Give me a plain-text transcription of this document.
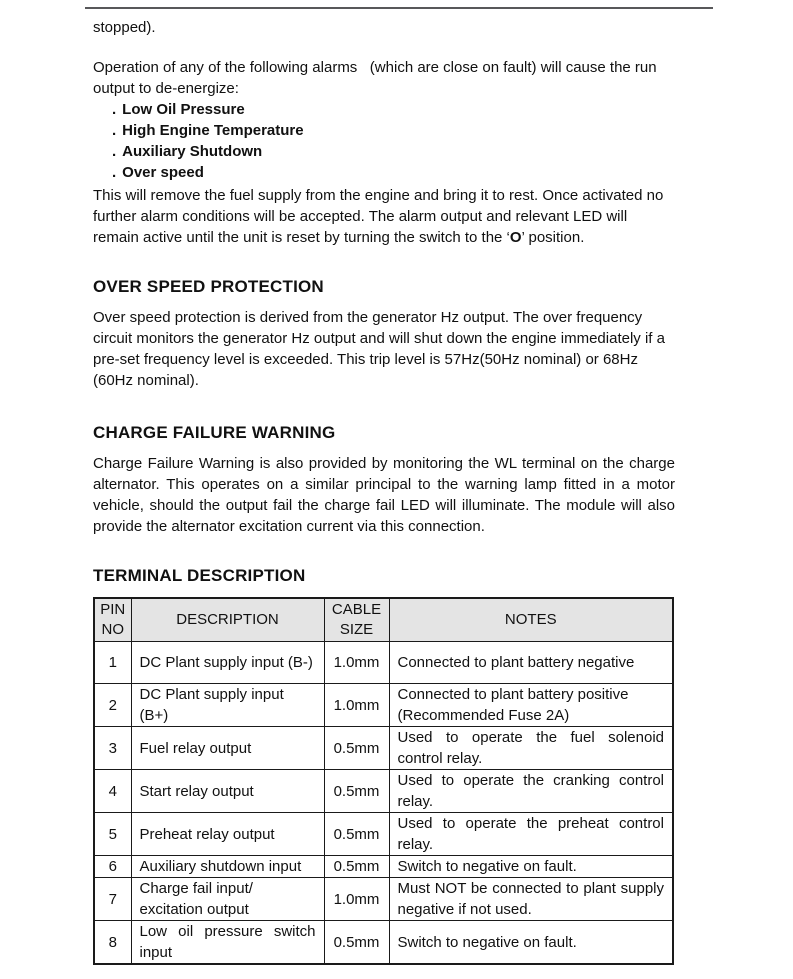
stopped).

Operation of any of the following alarms   (which are close on fault) will cause the run output to de-energize:

. Low Oil Pressure
. High Engine Temperature
. Auxiliary Shutdown
. Over speed

This will remove the fuel supply from the engine and bring it to rest. Once activated no further alarm conditions will be accepted. The alarm output and relevant LED will remain active until the unit is reset by turning the switch to the ‘O’ position.

OVER SPEED PROTECTION

Over speed protection is derived from the generator Hz output. The over frequency circuit monitors the generator Hz output and will shut down the engine immediately if a pre-set frequency level is exceeded. This trip level is 57Hz(50Hz nominal) or 68Hz (60Hz nominal).

CHARGE FAILURE WARNING

Charge Failure Warning is also provided by monitoring the WL terminal on the charge alternator. This operates on a similar principal to the warning lamp fitted in a motor vehicle, should the output fail the charge fail LED will illuminate. The module will also provide the alternator excitation current via this connection.

TERMINAL DESCRIPTION
PIN NO	DESCRIPTION	CABLE SIZE	NOTES
1	DC Plant supply input (B-)	1.0mm	Connected to plant battery negative
2	DC Plant supply input (B+)	1.0mm	Connected to plant battery positive (Recommended Fuse 2A)
3	Fuel relay output	0.5mm	Used to operate the fuel solenoid control relay.
4	Start relay output	0.5mm	Used to operate the cranking control relay.
5	Preheat relay output	0.5mm	Used to operate the preheat control relay.
6	Auxiliary shutdown input	0.5mm	Switch to negative on fault.
7	Charge fail input/ excitation output	1.0mm	Must NOT be connected to plant supply negative if not used.
8	Low oil pressure switch input	0.5mm	Switch to negative on fault.
